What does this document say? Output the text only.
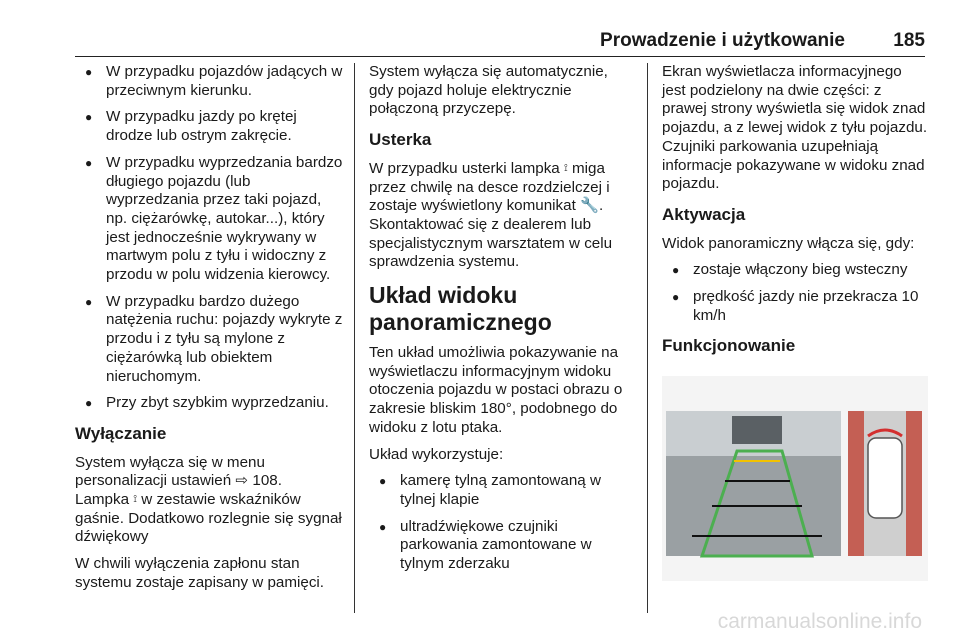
Prowadzenie i użytkowanie	185
● W przypadku pojazdów jadących w przeciwnym kierunku.
● W przypadku jazdy po krętej drodze lub ostrym zakręcie.
● W przypadku wyprzedzania bardzo długiego pojazdu (lub wyprzedzania przez taki pojazd, np. ciężarówkę, autokar...), który jest jednocześnie wykrywany w martwym polu z tyłu i widoczny z przodu w polu widzenia kierowcy.
● W przypadku bardzo dużego natężenia ruchu: pojazdy wykryte z przodu i z tyłu są mylone z ciężarówką lub obiektem nieruchomym.
● Przy zbyt szybkim wyprzedzaniu.
Wyłączanie

System wyłącza się w menu personalizacji ustawień ⇨ 108.
Lampka ⟟ w zestawie wskaźników gaśnie. Dodatkowo rozlegnie się sygnał dźwiękowy

W chwili wyłączenia zapłonu stan systemu zostaje zapisany w pamięci.

System wyłącza się automatycznie, gdy pojazd holuje elektrycznie połączoną przyczepę.

Usterka

W przypadku usterki lampka ⟟ miga przez chwilę na desce rozdzielczej i zostaje wyświetlony komunikat 🔧. Skontaktować się z dealerem lub specjalistycznym warsztatem w celu sprawdzenia systemu.

Układ widoku panoramicznego

Ten układ umożliwia pokazywanie na wyświetlaczu informacyjnym widoku otoczenia pojazdu w postaci obrazu o zakresie bliskim 180°, podobnego do widoku z lotu ptaka.

Układ wykorzystuje:

● kamerę tylną zamontowaną w tylnej klapie
● ultradźwiękowe czujniki parkowania zamontowane w tylnym zderzaku

Ekran wyświetlacza informacyjnego jest podzielony na dwie części: z prawej strony wyświetla się widok znad pojazdu, a z lewej widok z tyłu pojazdu. Czujniki parkowania uzupełniają informacje pokazywane w widoku znad pojazdu.

Aktywacja

Widok panoramiczny włącza się, gdy:

● zostaje włączony bieg wsteczny
● prędkość jazdy nie przekracza 10 km/h
Funkcjonowanie
carmanualsonline.info
